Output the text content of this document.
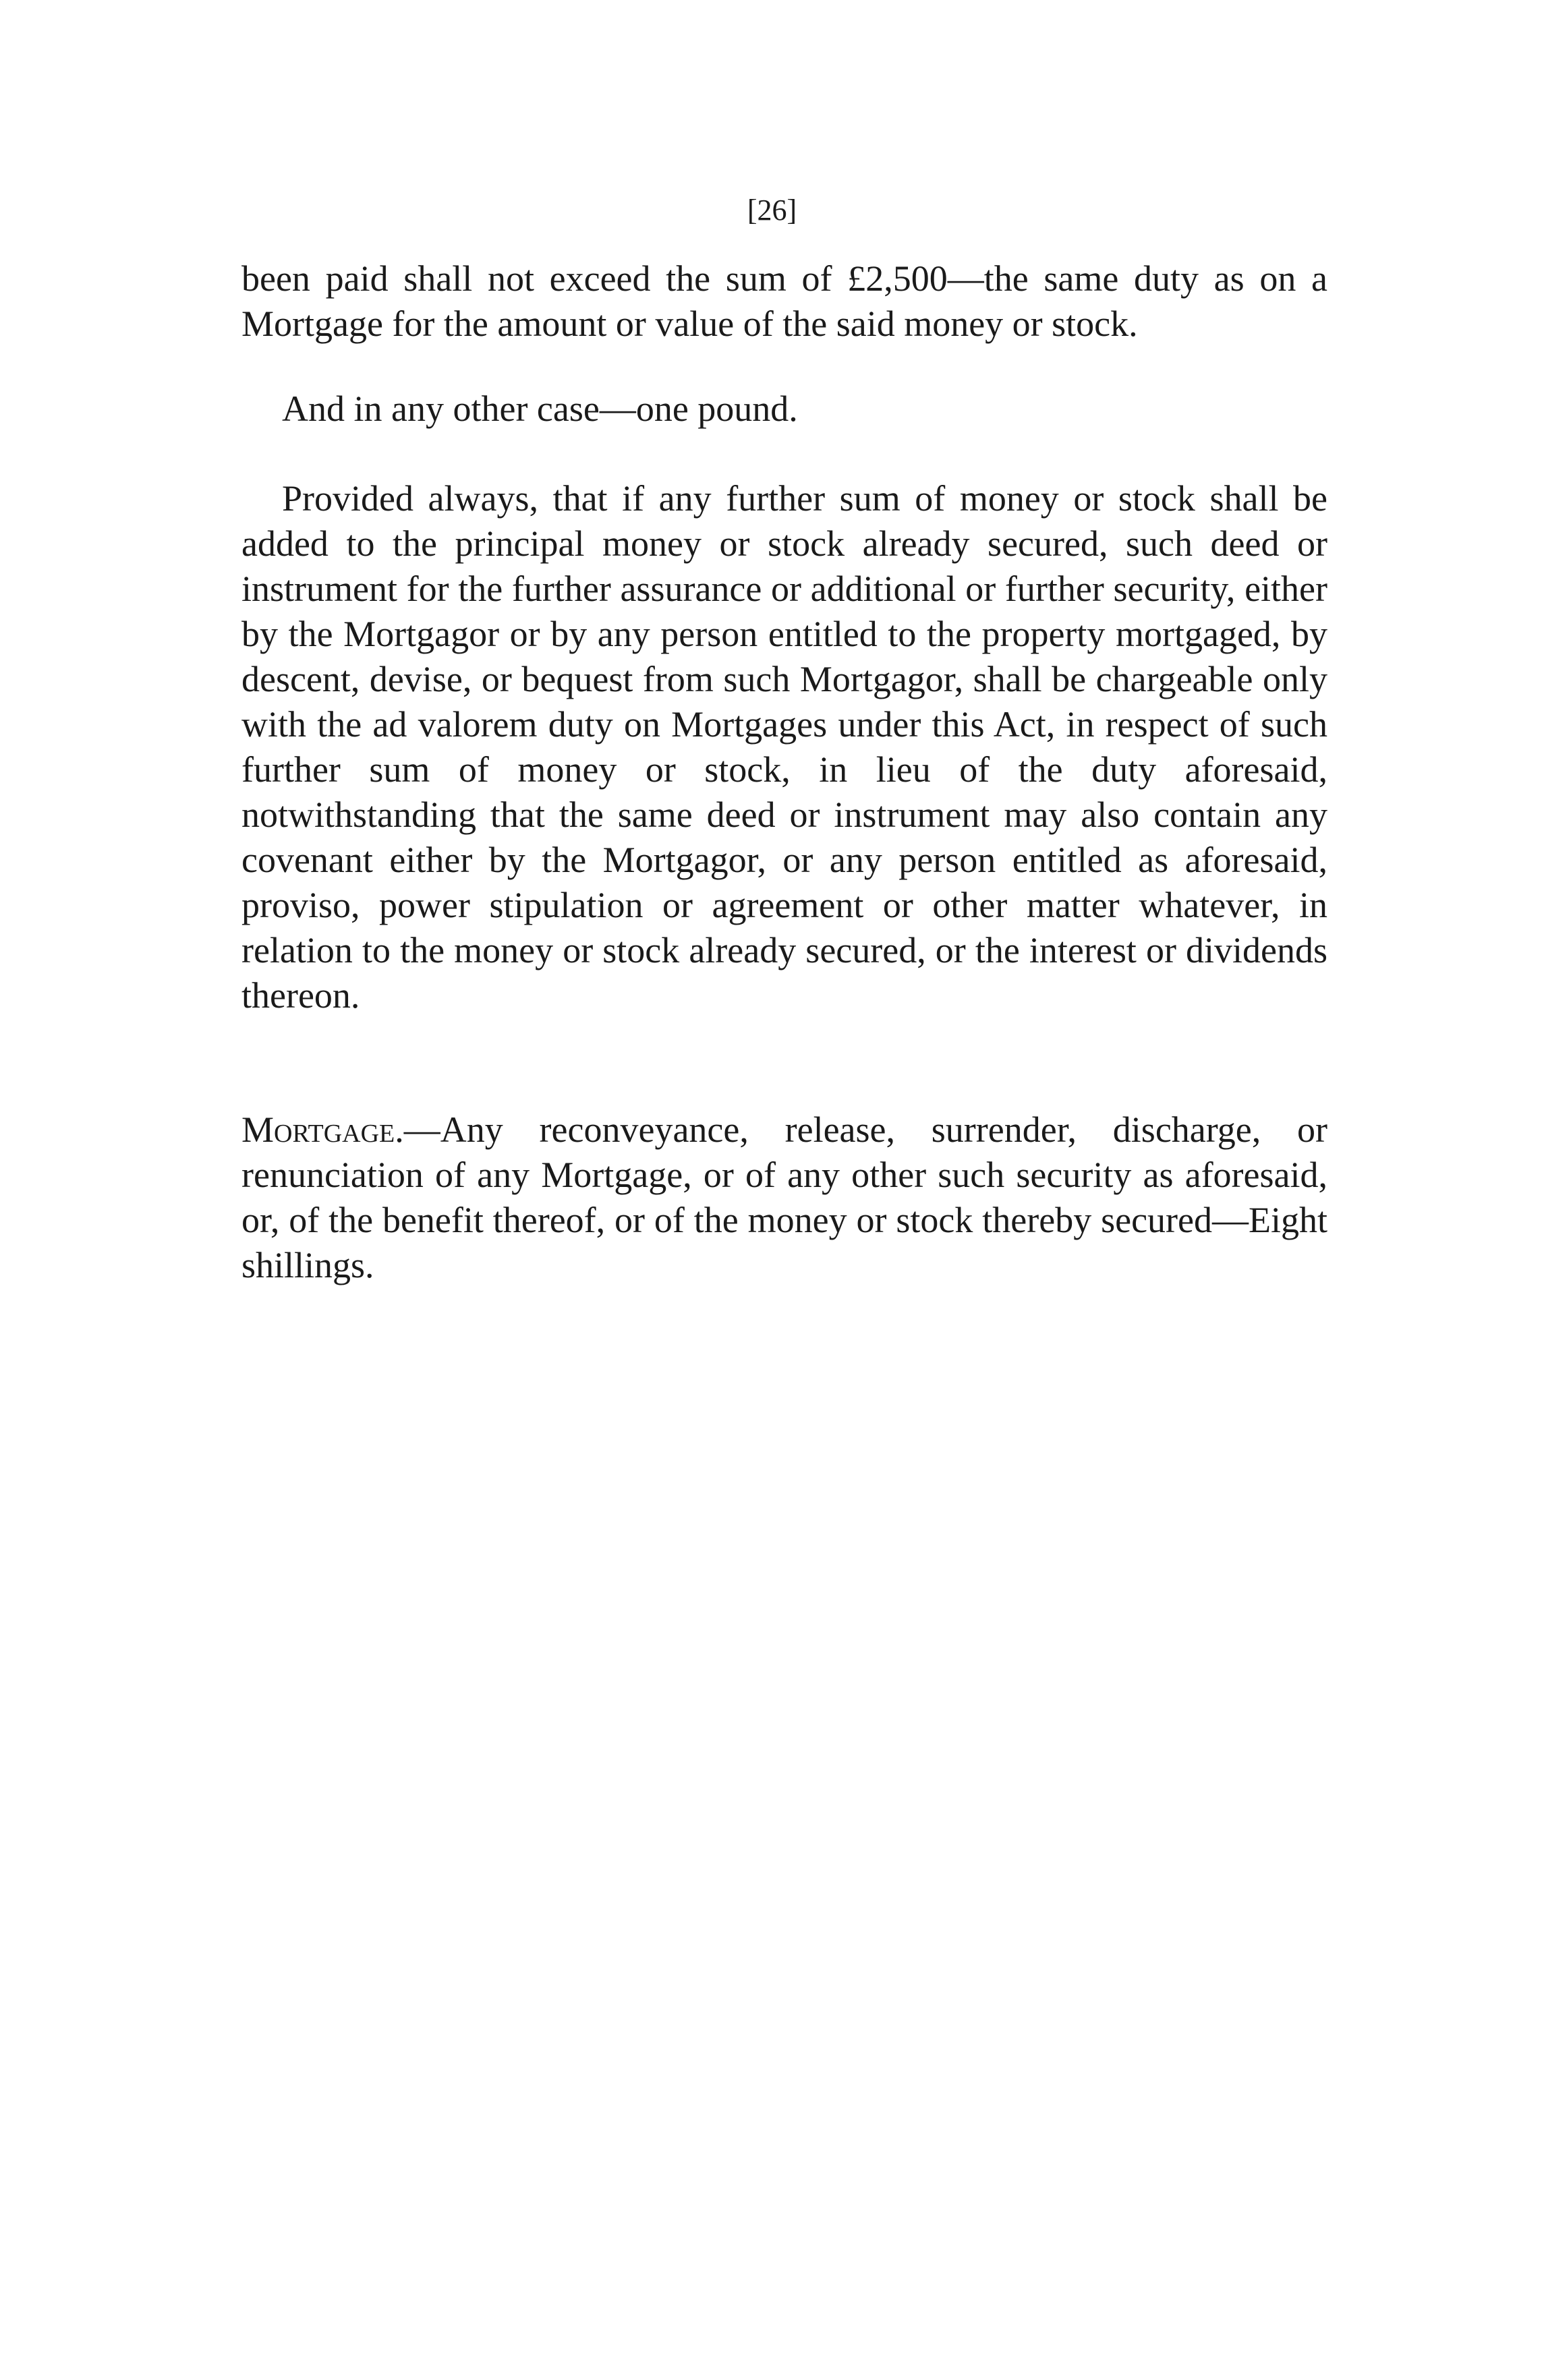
[26]

been paid shall not exceed the sum of £2,500—the same duty as on a Mortgage for the amount or value of the said money or stock.

And in any other case—one pound.

Provided always, that if any further sum of money or stock shall be added to the principal money or stock already secured, such deed or instrument for the further assurance or additional or further security, either by the Mortgagor or by any person entitled to the property mortgaged, by descent, devise, or bequest from such Mortgagor, shall be chargeable only with the ad valorem duty on Mortgages under this Act, in respect of such further sum of money or stock, in lieu of the duty aforesaid, notwithstanding that the same deed or instrument may also contain any covenant either by the Mortgagor, or any person entitled as aforesaid, proviso, power stipulation or agreement or other matter whatever, in relation to the money or stock already secured, or the interest or dividends thereon.

Mortgage.—Any reconveyance, release, surrender, discharge, or renunciation of any Mortgage, or of any other such security as aforesaid, or, of the benefit thereof, or of the money or stock thereby secured—Eight shillings.
